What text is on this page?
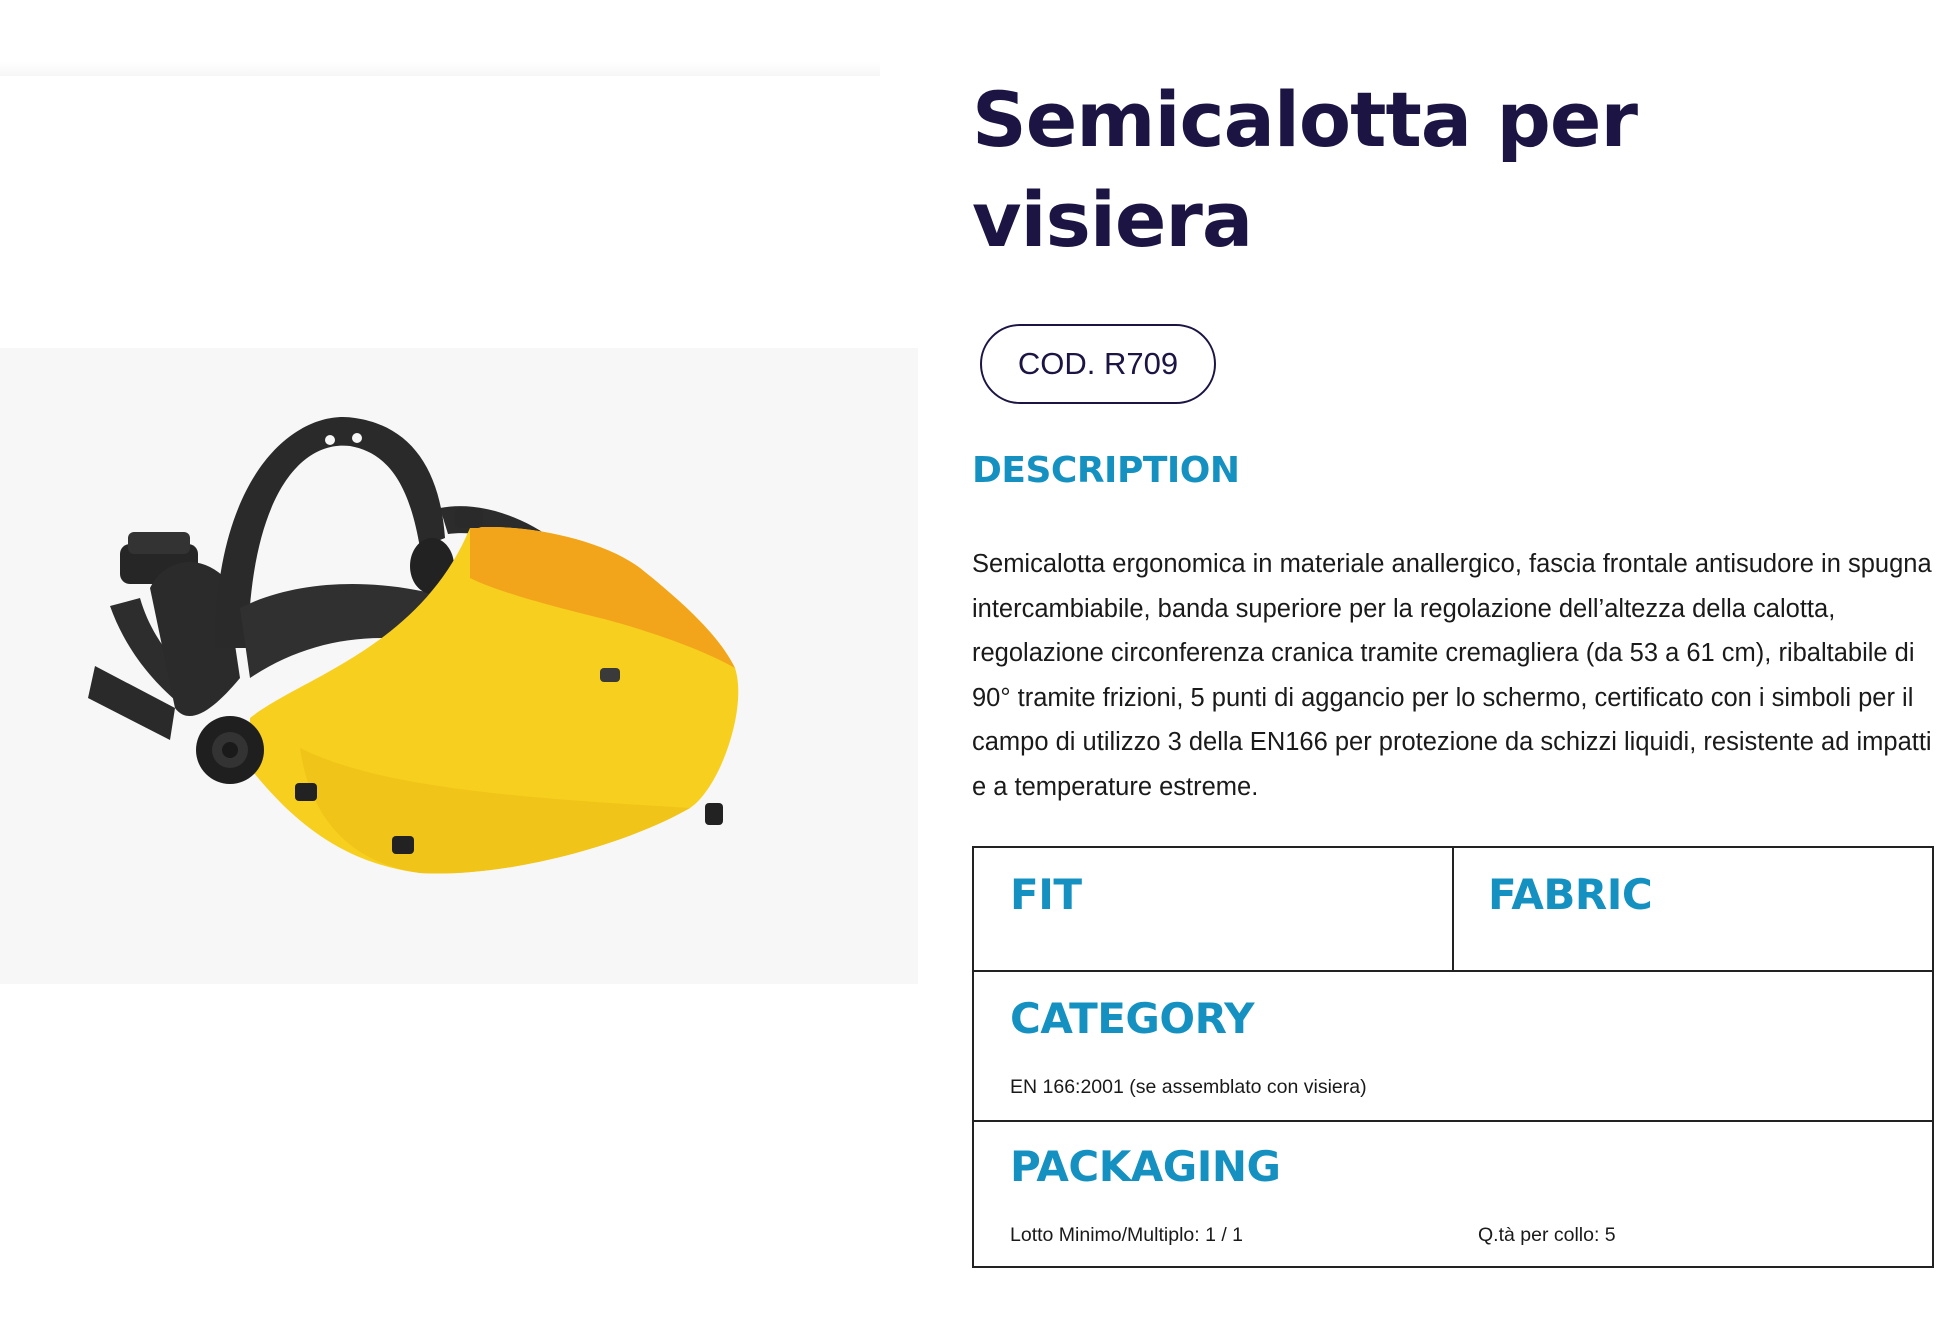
Semicalotta per visiera
COD. R709
DESCRIPTION

Semicalotta ergonomica in materiale anallergico, fascia frontale antisudore in spugna intercambiabile, banda superiore per la regolazione dell’altezza della calotta, regolazione circonferenza cranica tramite cremagliera (da 53 a 61 cm), ribaltabile di 90° tramite frizioni, 5 punti di aggancio per lo schermo, certificato con i simboli per il campo di utilizzo 3 della EN166 per protezione da schizzi liquidi, resistente ad impatti e a temperature estreme.

FIT	FABRIC
CATEGORY

EN 166:2001 (se assemblato con visiera)

PACKAGING

Lotto Minimo/Multiplo: 1 / 1	Q.tà per collo: 5
